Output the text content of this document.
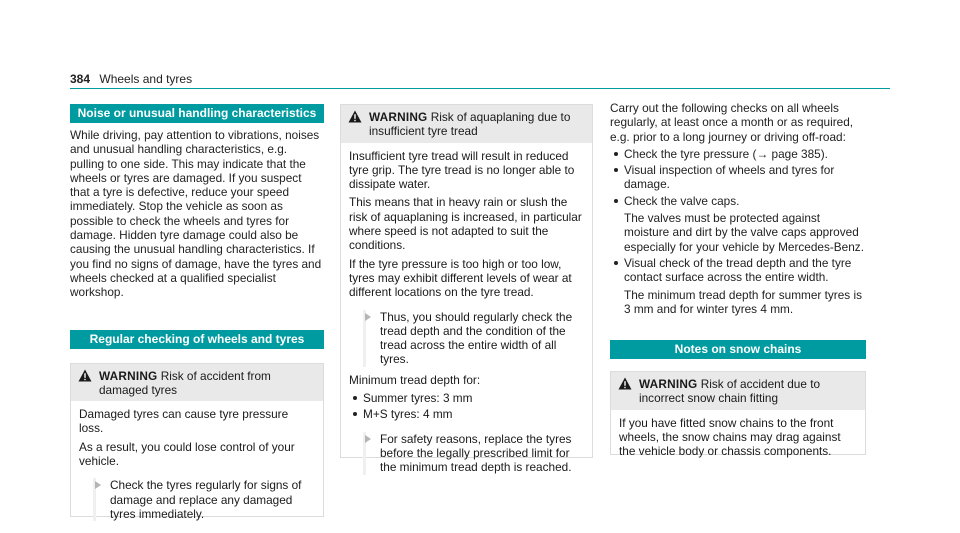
384 Wheels and tyres
Noise or unusual handling characteristics
While driving, pay attention to vibrations, noises and unusual handling characteristics, e.g. pulling to one side. This may indicate that the wheels or tyres are damaged. If you suspect that a tyre is defective, reduce your speed immediately. Stop the vehicle as soon as possible to check the wheels and tyres for damage. Hidden tyre damage could also be causing the unusual handling characteristics. If you find no signs of damage, have the tyres and wheels checked at a qualified specialist workshop.
Regular checking of wheels and tyres
WARNING Risk of accident from damaged tyres

Damaged tyres can cause tyre pressure loss.

As a result, you could lose control of your vehicle.

Check the tyres regularly for signs of damage and replace any damaged tyres immediately.
WARNING Risk of aquaplaning due to insufficient tyre tread

Insufficient tyre tread will result in reduced tyre grip. The tyre tread is no longer able to dissipate water.

This means that in heavy rain or slush the risk of aquaplaning is increased, in particular where speed is not adapted to suit the conditions.

If the tyre pressure is too high or too low, tyres may exhibit different levels of wear at different locations on the tyre tread.

Thus, you should regularly check the tread depth and the condition of the tread across the entire width of all tyres.

Minimum tread depth for:

Summer tyres: 3 mm
M+S tyres: 4 mm
For safety reasons, replace the tyres before the legally prescribed limit for the minimum tread depth is reached.
Carry out the following checks on all wheels regularly, at least once a month or as required, e.g. prior to a long journey or driving off-road:
Check the tyre pressure (→ page 385).
Visual inspection of wheels and tyres for damage.
Check the valve caps.
The valves must be protected against moisture and dirt by the valve caps approved especially for your vehicle by Mercedes-Benz.
Visual check of the tread depth and the tyre contact surface across the entire width.
The minimum tread depth for summer tyres is 3 mm and for winter tyres 4 mm.
Notes on snow chains
WARNING Risk of accident due to incorrect snow chain fitting

If you have fitted snow chains to the front wheels, the snow chains may drag against the vehicle body or chassis components.
